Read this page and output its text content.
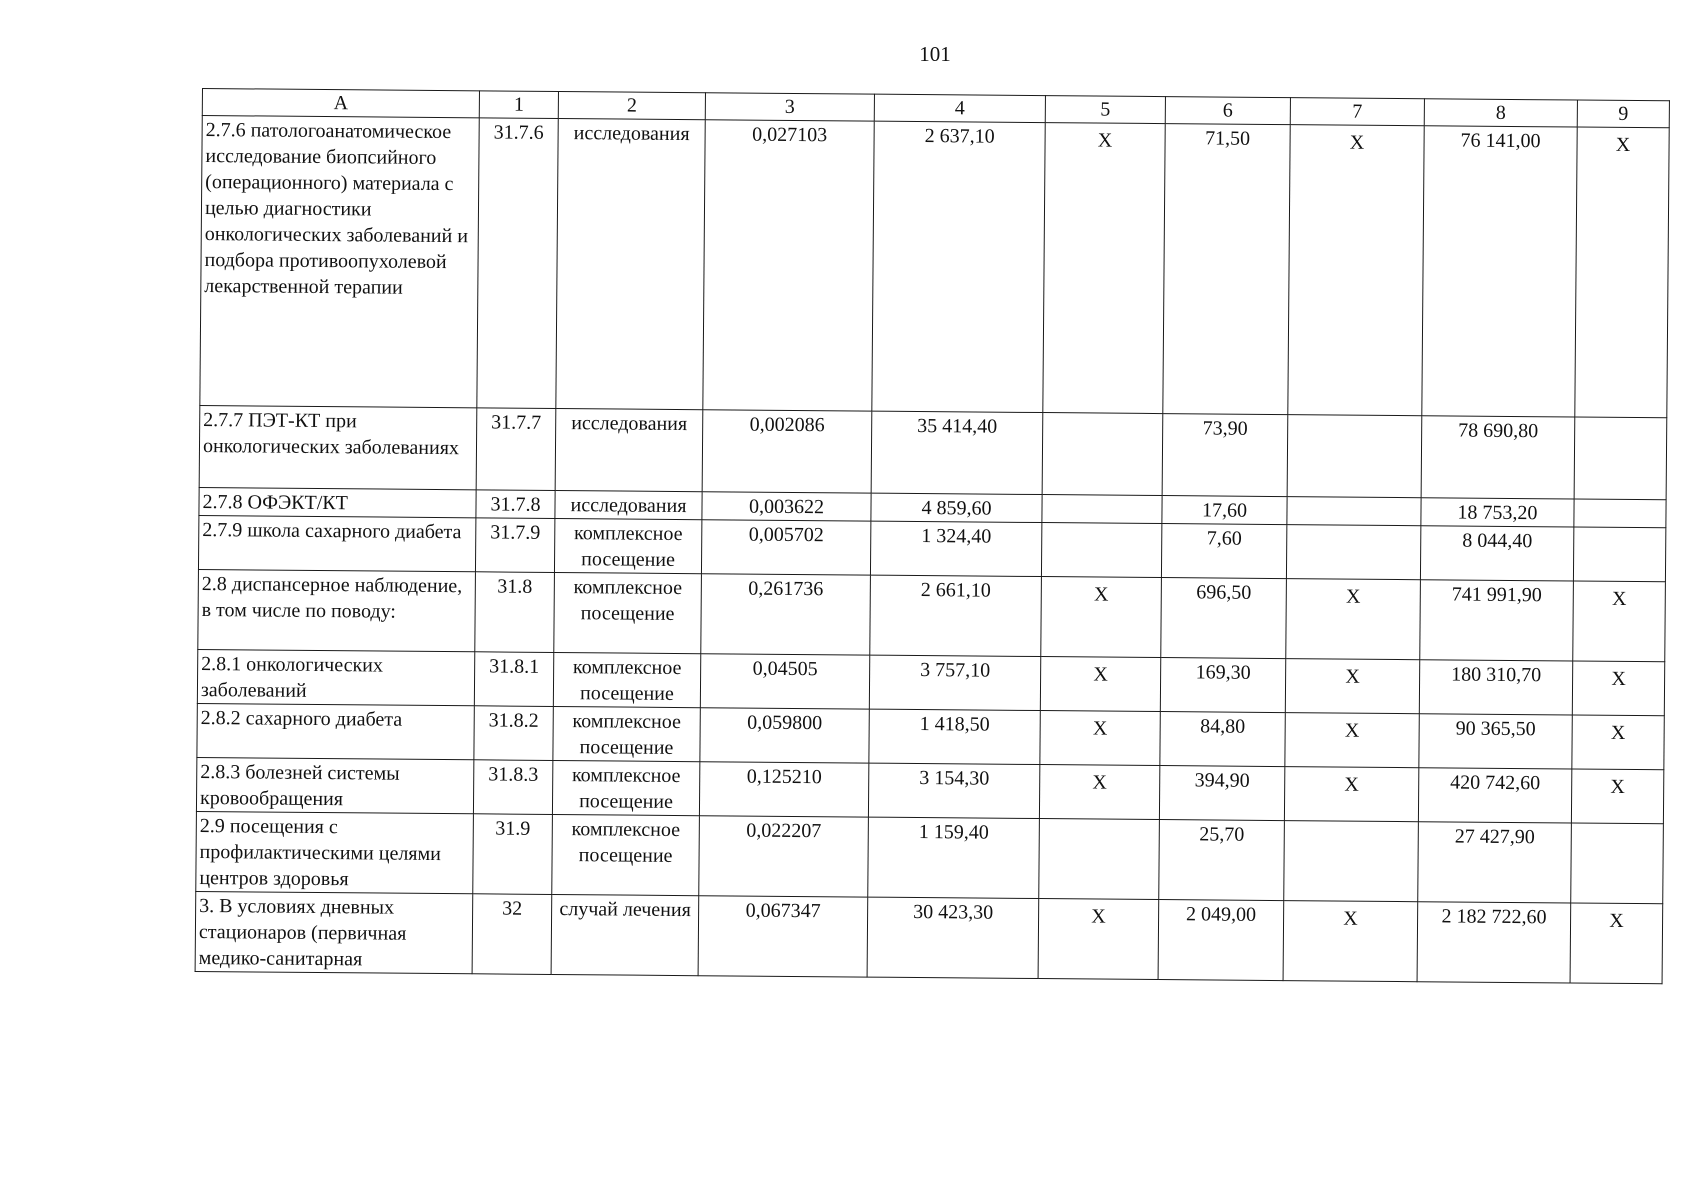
101
A	1	2	3	4	5	6	7	8	9
2.7.6 патологоанатомическое исследование биопсийного (операционного) материала с целью диагностики онкологических заболеваний и подбора противоопухолевой лекарственной терапии	31.7.6	исследования	0,027103	2 637,10	X	71,50	X	76 141,00	X
2.7.7 ПЭТ-КТ при онкологических заболеваниях	31.7.7	исследования	0,002086	35 414,40		73,90		78 690,80	
2.7.8 ОФЭКТ/КТ	31.7.8	исследования	0,003622	4 859,60		17,60		18 753,20	
2.7.9 школа сахарного диабета	31.7.9	комплексное посещение	0,005702	1 324,40		7,60		8 044,40	
2.8 диспансерное наблюдение, в том числе по поводу:	31.8	комплексное посещение	0,261736	2 661,10	X	696,50	X	741 991,90	X
2.8.1 онкологических заболеваний	31.8.1	комплексное посещение	0,04505	3 757,10	X	169,30	X	180 310,70	X
2.8.2 сахарного диабета	31.8.2	комплексное посещение	0,059800	1 418,50	X	84,80	X	90 365,50	X
2.8.3 болезней системы кровообращения	31.8.3	комплексное посещение	0,125210	3 154,30	X	394,90	X	420 742,60	X
2.9 посещения с профилактическими целями центров здоровья	31.9	комплексное посещение	0,022207	1 159,40		25,70		27 427,90	
3. В условиях дневных стационаров (первичная медико-санитарная	32	случай лечения	0,067347	30 423,30	X	2 049,00	X	2 182 722,60	X
